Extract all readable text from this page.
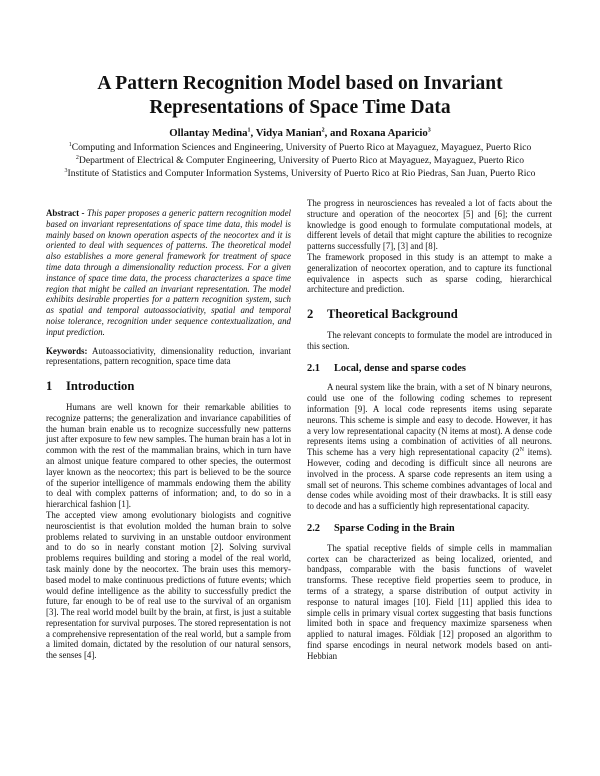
A Pattern Recognition Model based on Invariant
Representations of Space Time Data
Ollantay Medina$^1$, Vidya Manian$^2$, and Roxana Aparicio$^3$
$^1$Computing and Information Sciences and Engineering, University of Puerto Rico at Mayaguez, Mayaguez, Puerto Rico
$^2$Department of Electrical & Computer Engineering, University of Puerto Rico at Mayaguez, Mayaguez, Puerto Rico
$^3$Institute of Statistics and Computer Information Systems, University of Puerto Rico at Rio Piedras, San Juan, Puerto Rico

Abstract - This paper proposes a generic pattern recognition model based on invariant representations of space time data, this model is mainly based on known operation aspects of the neocortex and it is oriented to deal with sequences of patterns. The theoretical model also establishes a more general framework for treatment of space time data through a dimensionality reduction process. For a given instance of space time data, the process characterizes a space time region that might be called an invariant representation. The model exhibits desirable properties for a pattern recognition system, such as spatial and temporal autoassociativity, spatial and temporal noise tolerance, recognition under sequence contextualization, and input prediction.

Keywords: Autoassociativity, dimensionality reduction, invariant representations, pattern recognition, space time data

1	Introduction

Humans are well known for their remarkable abilities to recognize patterns; the generalization and invariance capabilities of the human brain enable us to recognize successfully new patterns just after exposure to few new samples. The human brain has a lot in common with the rest of the mammalian brains, which in turn have an almost unique feature compared to other species, the outermost layer known as the neocortex; this part is believed to be the source of the superior intelligence of mammals endowing them the ability to deal with complex patterns of information; and, to do so in a hierarchical fashion [1].

The accepted view among evolutionary biologists and cognitive neuroscientist is that evolution molded the human brain to solve problems related to surviving in an unstable outdoor environment and to do so in nearly constant motion [2]. Solving survival problems requires building and storing a model of the real world, task mainly done by the neocortex. The brain uses this memory-based model to make continuous predictions of future events; which would define intelligence as the ability to successfully predict the future, far enough to be of real use to the survival of an organism [3]. The real world model built by the brain, at first, is just a suitable representation for survival purposes. The stored representation is not a comprehensive representation of the real world, but a sample from a limited domain, dictated by the resolution of our natural sensors, the senses [4].

The progress in neurosciences has revealed a lot of facts about the structure and operation of the neocortex [5] and [6]; the current knowledge is good enough to formulate computational models, at different levels of detail that might capture the abilities to recognize patterns successfully [7], [3] and [8].

The framework proposed in this study is an attempt to make a generalization of neocortex operation, and to capture its functional equivalence in aspects such as sparse coding, hierarchical architecture and prediction.

2	Theoretical Background

The relevant concepts to formulate the model are introduced in this section.

2.1	Local, dense and sparse codes

A neural system like the brain, with a set of N binary neurons, could use one of the following coding schemes to represent information [9]. A local code represents items using separate neurons. This scheme is simple and easy to decode. However, it has a very low representational capacity (N items at most). A dense code represents items using a combination of activities of all neurons. This scheme has a very high representational capacity ($2^N$ items). However, coding and decoding is difficult since all neurons are involved in the process. A sparse code represents an item using a small set of neurons. This scheme combines advantages of local and dense codes while avoiding most of their drawbacks. It is still easy to decode and has a sufficiently high representational capacity.

2.2	Sparse Coding in the Brain

The spatial receptive fields of simple cells in mammalian cortex can be characterized as being localized, oriented, and bandpass, comparable with the basis functions of wavelet transforms. These receptive field properties seem to produce, in terms of a strategy, a sparse distribution of output activity in response to natural images [10]. Field [11] applied this idea to simple cells in primary visual cortex suggesting that basis functions limited both in space and frequency maximize sparseness when applied to natural images. Földiak [12] proposed an algorithm to find sparse encodings in neural network models based on anti-Hebbian
